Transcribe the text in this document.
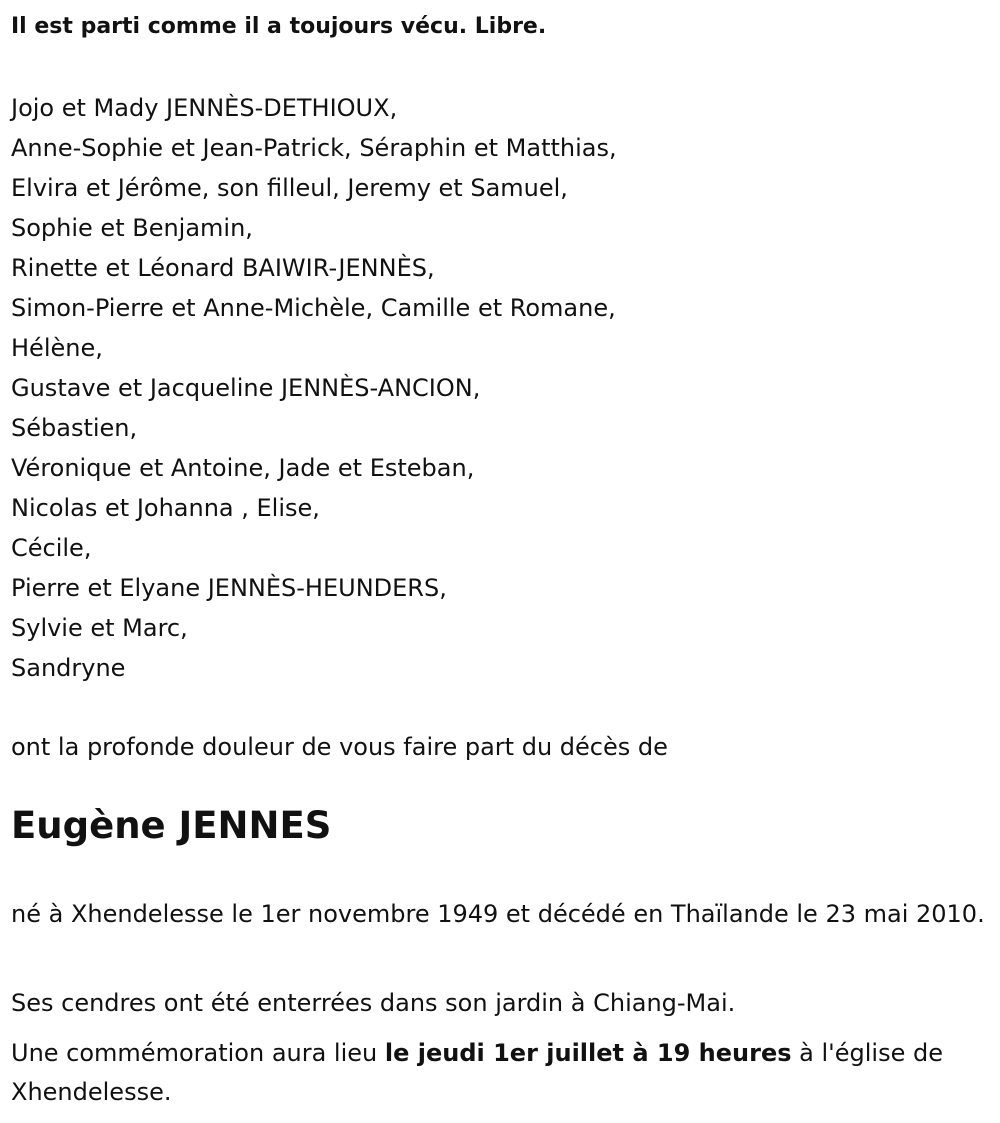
Il est parti comme il a toujours vécu. Libre.
Jojo et Mady JENNÈS-DETHIOUX,
Anne-Sophie et Jean-Patrick, Séraphin et Matthias,
Elvira et Jérôme, son filleul, Jeremy et Samuel,
Sophie et Benjamin,
Rinette et Léonard BAIWIR-JENNÈS,
Simon-Pierre et Anne-Michèle, Camille et Romane,
Hélène,
Gustave et Jacqueline JENNÈS-ANCION,
Sébastien,
Véronique et Antoine, Jade et Esteban,
Nicolas et Johanna , Elise,
Cécile,
Pierre et Elyane JENNÈS-HEUNDERS,
Sylvie et Marc,
Sandryne
ont la profonde douleur de vous faire part du décès de
Eugène JENNES

né à Xhendelesse le 1er novembre 1949 et décédé en Thaïlande le 23 mai 2010.

Ses cendres ont été enterrées dans son jardin à Chiang-Mai.

Une commémoration aura lieu le jeudi 1er juillet à 19 heures à l'église de Xhendelesse.
